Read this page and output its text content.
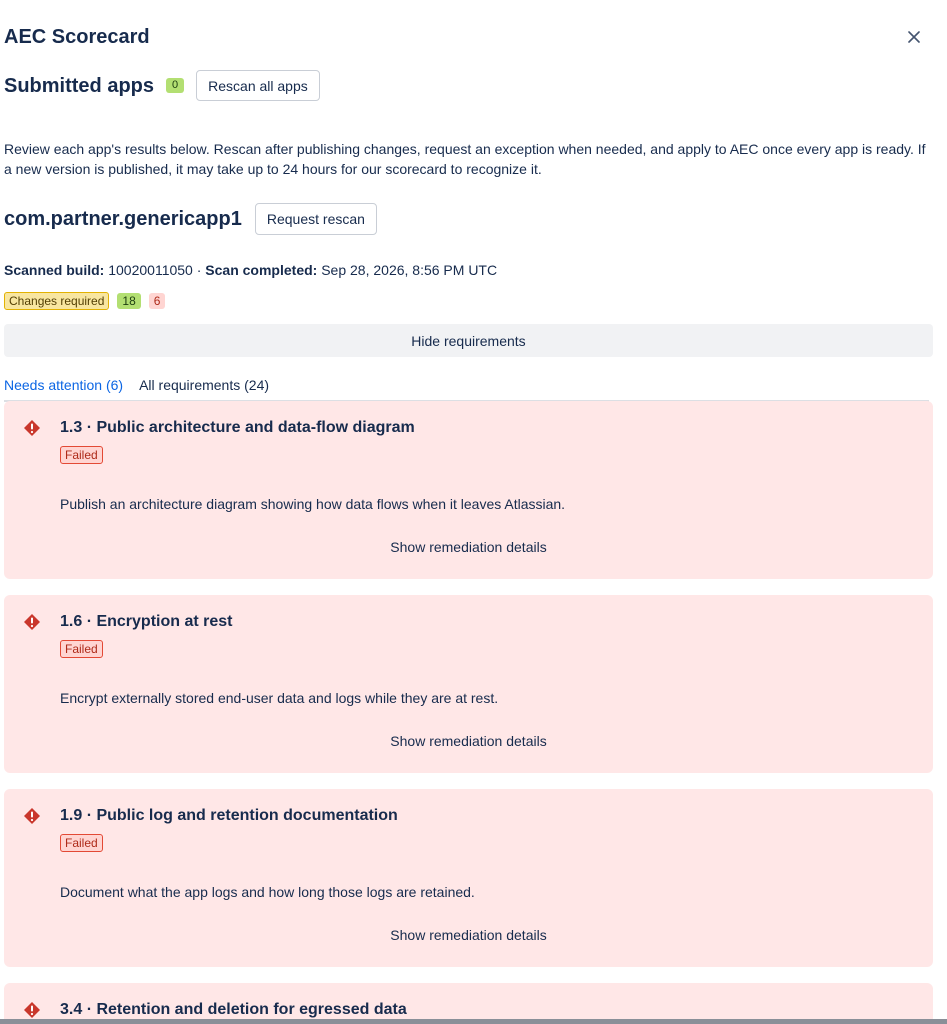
AEC Scorecard
Submitted apps	0	Rescan all apps

Review each app's results below. Rescan after publishing changes, request an exception when needed, and apply to AEC once every app is ready. If a new version is published, it may take up to 24 hours for our scorecard to recognize it.

com.partner.genericapp1	Request rescan
Scanned build: 10020011050 · Scan completed: Sep 28, 2026, 8:56 PM UTC
Changes required	18	6
Hide requirements
Needs attention (6) All requirements (24)
1.3 · Public architecture and data-flow diagram
Failed
Publish an architecture diagram showing how data flows when it leaves Atlassian.
Show remediation details
1.6 · Encryption at rest
Failed
Encrypt externally stored end-user data and logs while they are at rest.
Show remediation details
1.9 · Public log and retention documentation
Failed
Document what the app logs and how long those logs are retained.
Show remediation details
3.4 · Retention and deletion for egressed data
